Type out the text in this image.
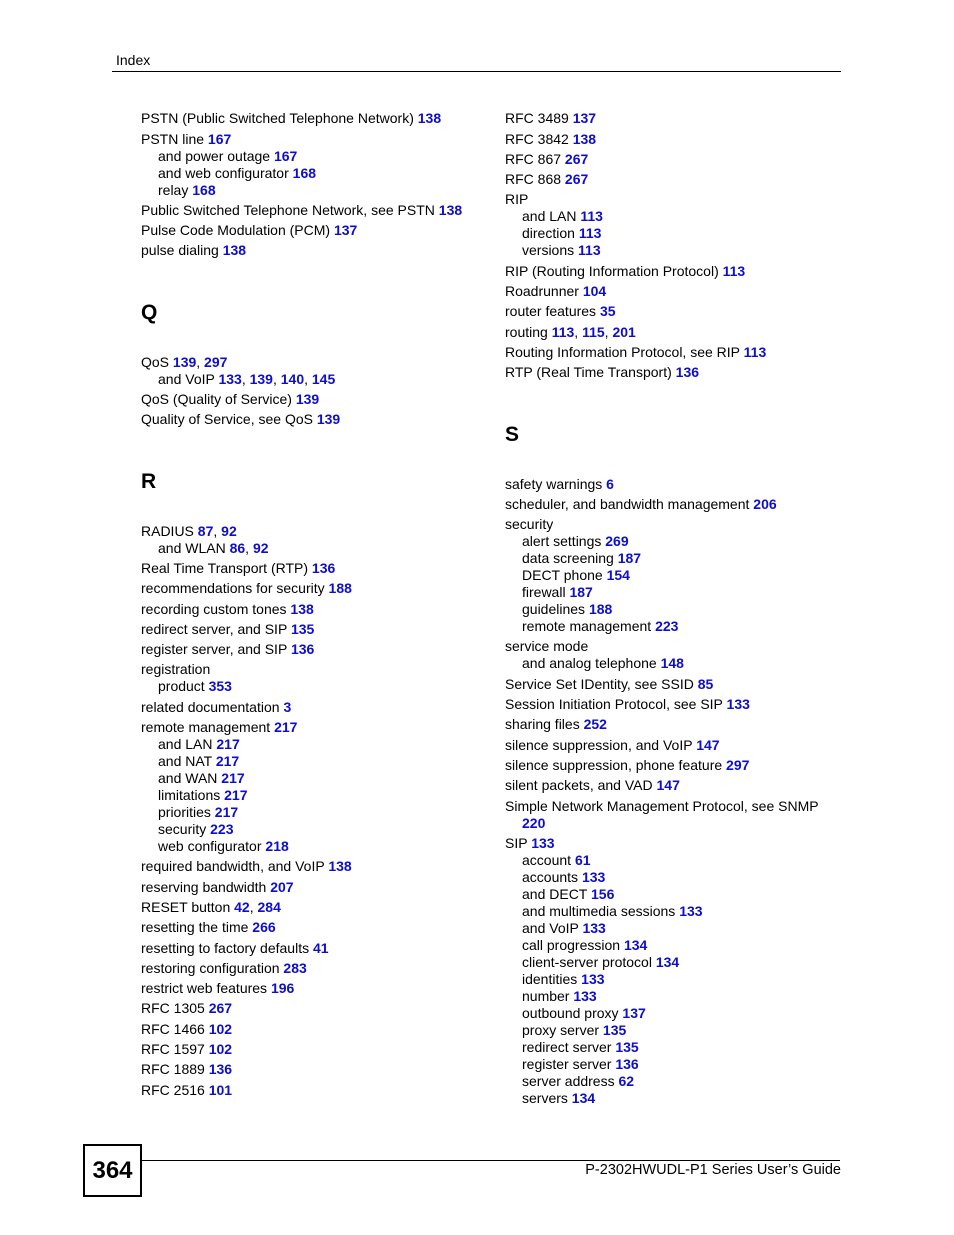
Index
PSTN (Public Switched Telephone Network) 138
PSTN line 167
and power outage 167
and web configurator 168
relay 168
Public Switched Telephone Network, see PSTN 138
Pulse Code Modulation (PCM) 137
pulse dialing 138
Q
QoS 139, 297
and VoIP 133, 139, 140, 145
QoS (Quality of Service) 139
Quality of Service, see QoS 139
R
RADIUS 87, 92
and WLAN 86, 92
Real Time Transport (RTP) 136
recommendations for security 188
recording custom tones 138
redirect server, and SIP 135
register server, and SIP 136
registration
product 353
related documentation 3
remote management 217
and LAN 217
and NAT 217
and WAN 217
limitations 217
priorities 217
security 223
web configurator 218
required bandwidth, and VoIP 138
reserving bandwidth 207
RESET button 42, 284
resetting the time 266
resetting to factory defaults 41
restoring configuration 283
restrict web features 196
RFC 1305 267
RFC 1466 102
RFC 1597 102
RFC 1889 136
RFC 2516 101
RFC 3489 137
RFC 3842 138
RFC 867 267
RFC 868 267
RIP
and LAN 113
direction 113
versions 113
RIP (Routing Information Protocol) 113
Roadrunner 104
router features 35
routing 113, 115, 201
Routing Information Protocol, see RIP 113
RTP (Real Time Transport) 136
S
safety warnings 6
scheduler, and bandwidth management 206
security
alert settings 269
data screening 187
DECT phone 154
firewall 187
guidelines 188
remote management 223
service mode
and analog telephone 148
Service Set IDentity, see SSID 85
Session Initiation Protocol, see SIP 133
sharing files 252
silence suppression, and VoIP 147
silence suppression, phone feature 297
silent packets, and VAD 147
Simple Network Management Protocol, see SNMP
220
SIP 133
account 61
accounts 133
and DECT 156
and multimedia sessions 133
and VoIP 133
call progression 134
client-server protocol 134
identities 133
number 133
outbound proxy 137
proxy server 135
redirect server 135
register server 136
server address 62
servers 134
364	P-2302HWUDL-P1 Series User’s Guide
